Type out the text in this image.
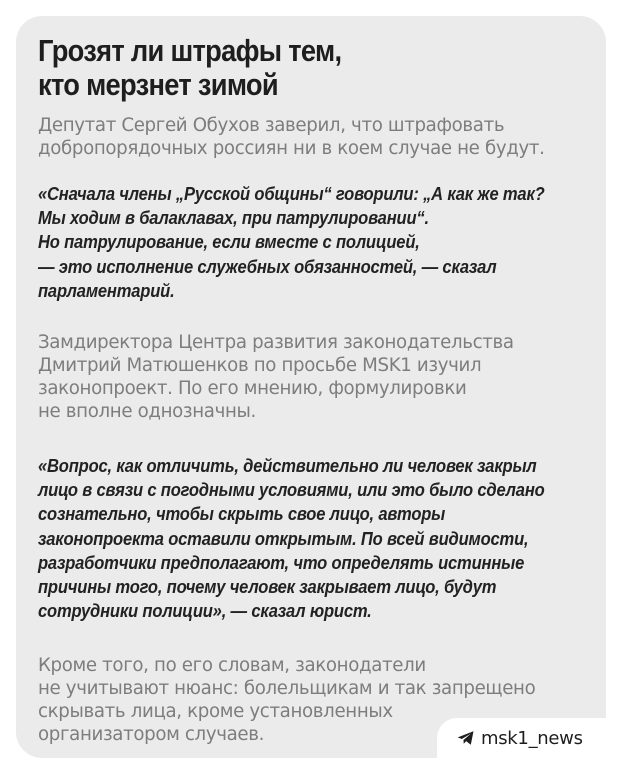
Грозят ли штрафы тем,
кто мерзнет зимой

Депутат Сергей Обухов заверил, что штрафовать
добропорядочных россиян ни в коем случае не будут.

«Сначала члены „Русской общины“ говорили: „А как же так?
Мы ходим в балаклавах, при патрулировании“.
Но патрулирование, если вместе с полицией,
— это исполнение служебных обязанностей, — сказал
парламентарий.

Замдиректора Центра развития законодательства
Дмитрий Матюшенков по просьбе MSK1 изучил
законопроект. По его мнению, формулировки
не вполне однозначны.

«Вопрос, как отличить, действительно ли человек закрыл
лицо в связи с погодными условиями, или это было сделано
сознательно, чтобы скрыть свое лицо, авторы
законопроекта оставили открытым. По всей видимости,
разработчики предполагают, что определять истинные
причины того, почему человек закрывает лицо, будут
сотрудники полиции», — сказал юрист.

Кроме того, по его словам, законодатели
не учитывают нюанс: болельщикам и так запрещено
скрывать лица, кроме установленных
организатором случаев.	msk1_news
